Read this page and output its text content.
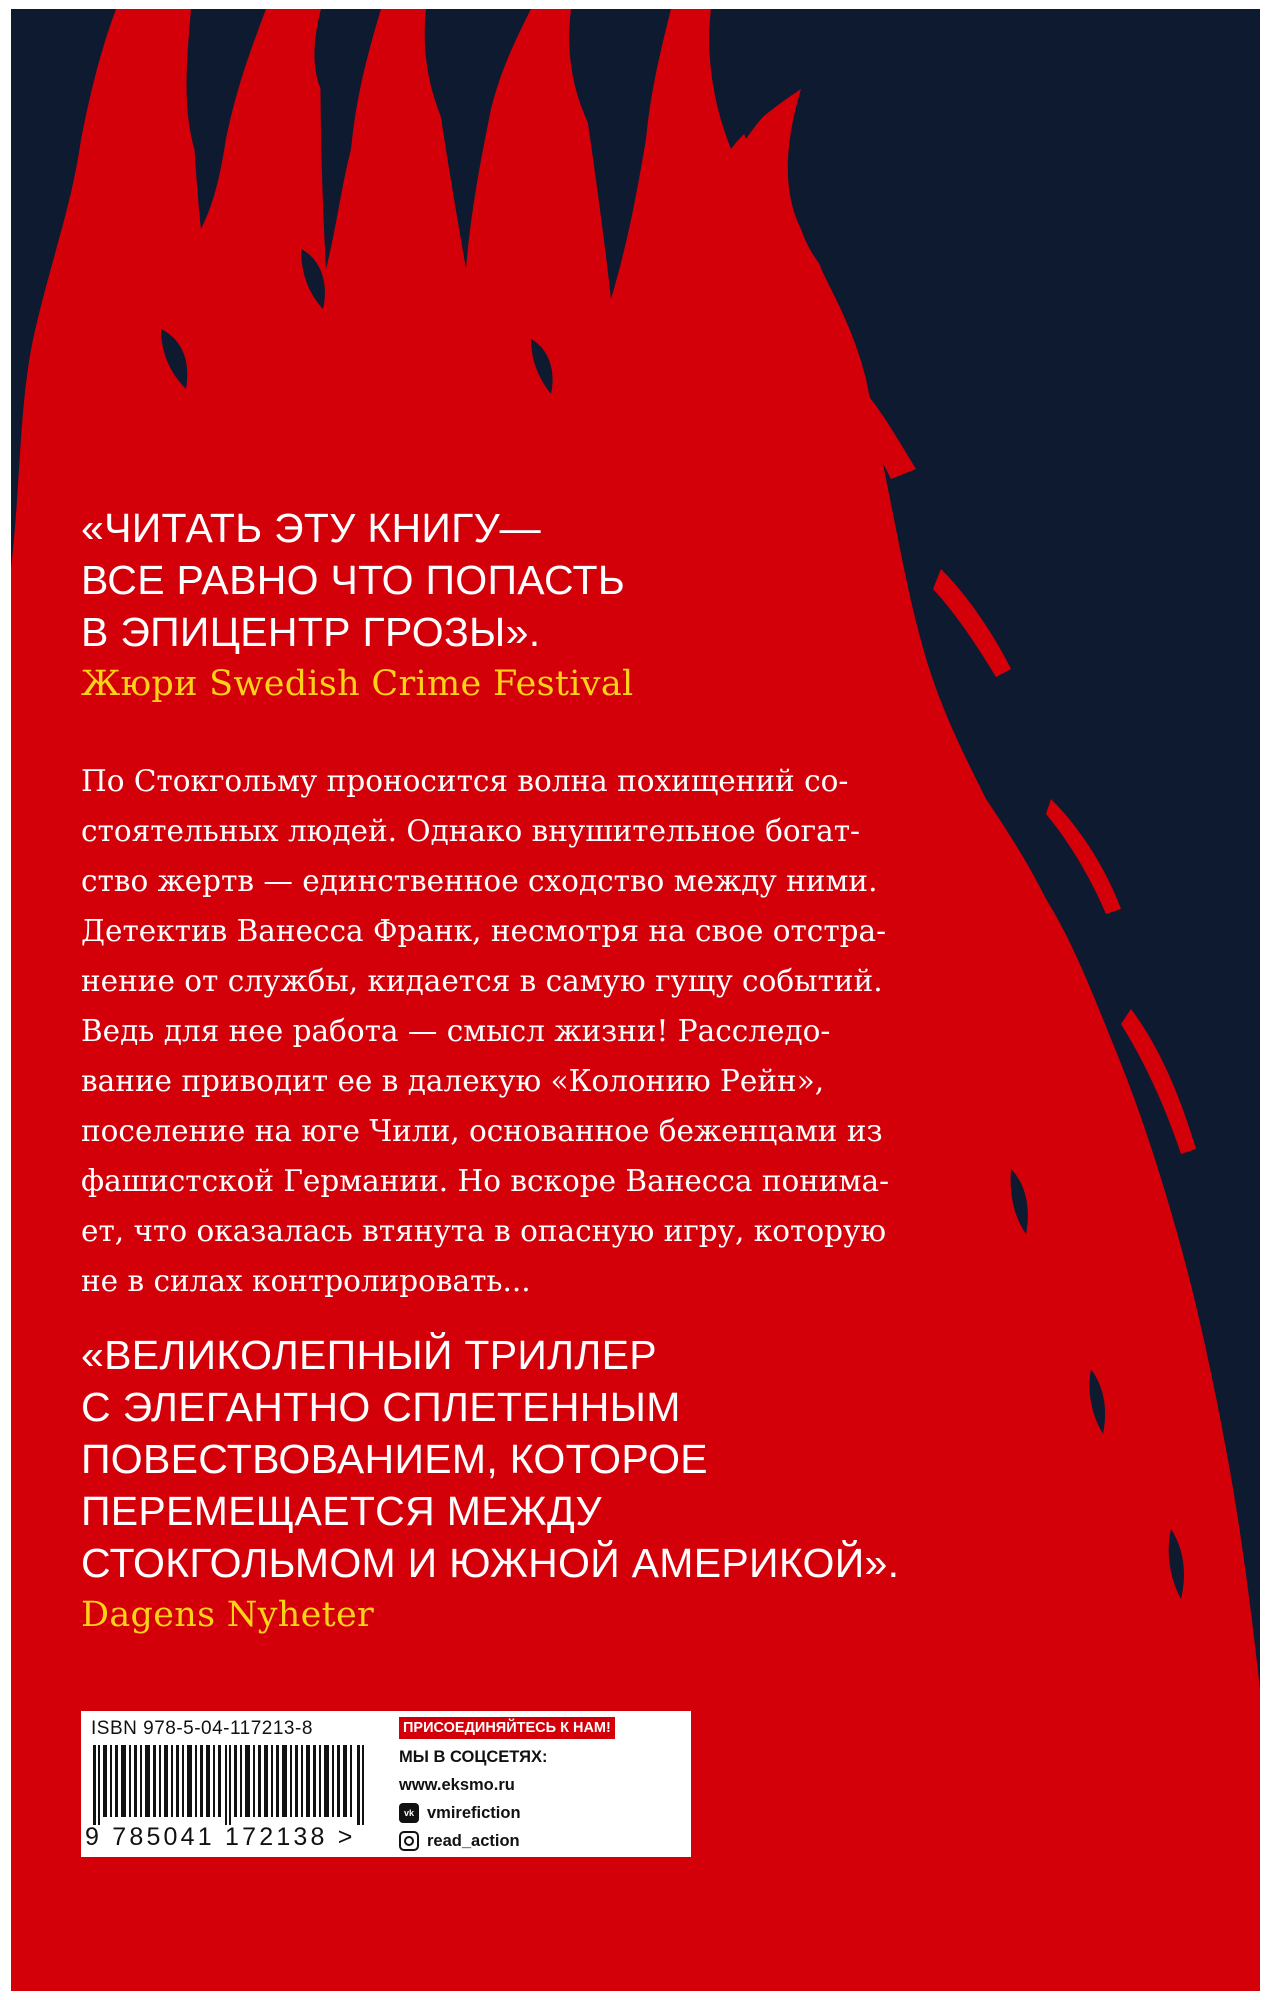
«ЧИТАТЬ ЭТУ КНИГУ—
ВСЕ РАВНО ЧТО ПОПАСТЬ
В ЭПИЦЕНТР ГРОЗЫ».
Жюри Swedish Crime Festival
По Стокгольму проносится волна похищений со-
стоятельных людей. Однако внушительное богат-
ство жертв — единственное сходство между ними.
Детектив Ванесса Франк, несмотря на свое отстра-
нение от службы, кидается в самую гущу событий.
Ведь для нее работа — смысл жизни! Расследо-
вание приводит ее в далекую «Колонию Рейн»,
поселение на юге Чили, основанное беженцами из
фашистской Германии. Но вскоре Ванесса понима-
ет, что оказалась втянута в опасную игру, которую
не в силах контролировать...
«ВЕЛИКОЛЕПНЫЙ ТРИЛЛЕР
С ЭЛЕГАНТНО СПЛЕТЕННЫМ
ПОВЕСТВОВАНИЕМ, КОТОРОЕ
ПЕРЕМЕЩАЕТСЯ МЕЖДУ
СТОКГОЛЬМОМ И ЮЖНОЙ АМЕРИКОЙ».
Dagens Nyheter
ISBN 978-5-04-117213-8
9 785041 172138 >
ПРИСОЕДИНЯЙТЕСЬ К НАМ!
МЫ В СОЦСЕТЯХ:
www.eksmo.ru
vk vmirefiction
read_action
